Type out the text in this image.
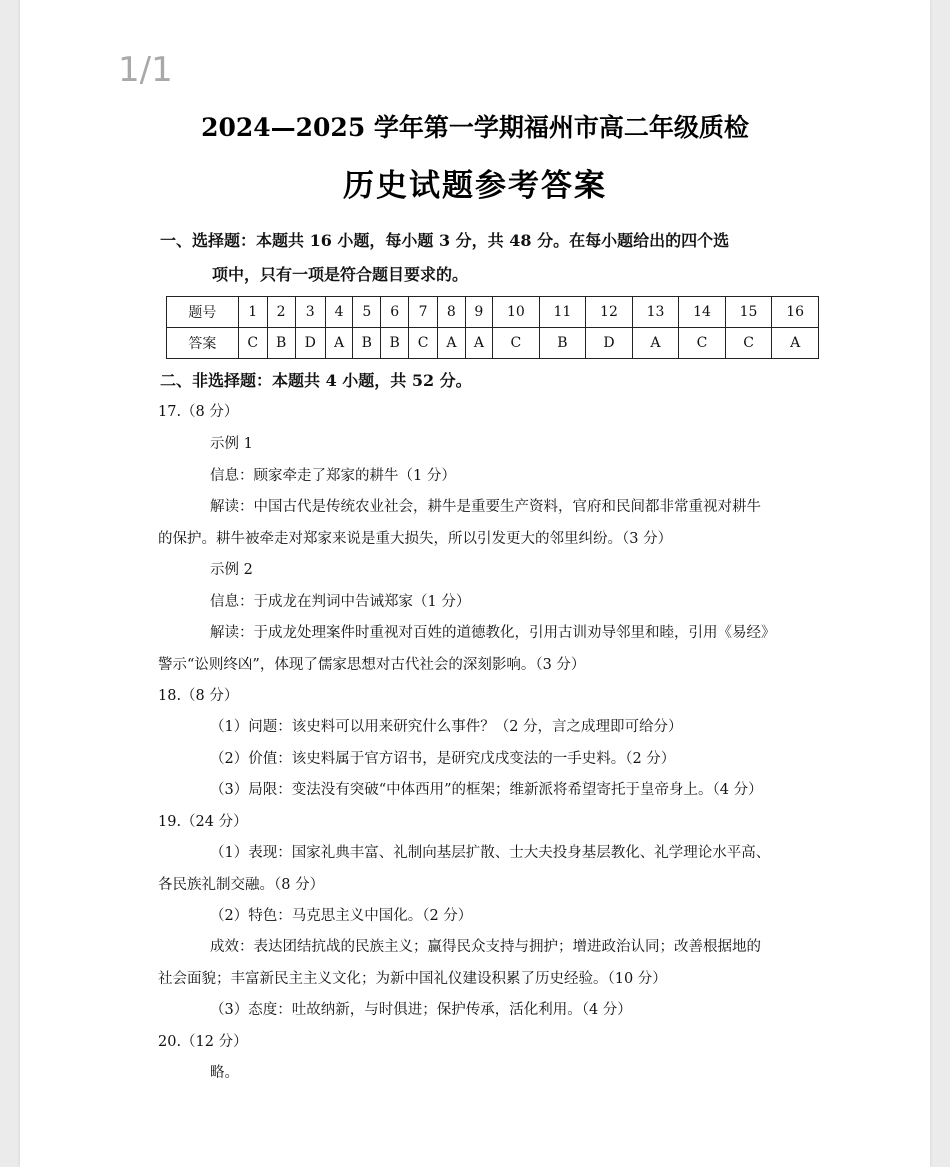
1/1
2024—2025 学年第一学期福州市高二年级质检
历史试题参考答案
一、选择题：本题共 16 小题，每小题 3 分，共 48 分。在每小题给出的四个选
项中，只有一项是符合题目要求的。
题号	1	2	3	4	5	6	7	8	9	10	11	12	13	14	15	16
答案	C	B	D	A	B	B	C	A	A	C	B	D	A	C	C	A
二、非选择题：本题共 4 小题，共 52 分。
17.（8 分）
示例 1
信息：顾家牵走了郑家的耕牛（1 分）
解读：中国古代是传统农业社会，耕牛是重要生产资料，官府和民间都非常重视对耕牛
的保护。耕牛被牵走对郑家来说是重大损失，所以引发更大的邻里纠纷。（3 分）
示例 2
信息：于成龙在判词中告诫郑家（1 分）
解读：于成龙处理案件时重视对百姓的道德教化，引用古训劝导邻里和睦，引用《易经》
警示“讼则终凶”，体现了儒家思想对古代社会的深刻影响。（3 分）
18.（8 分）
（1）问题：该史料可以用来研究什么事件？（2 分，言之成理即可给分）
（2）价值：该史料属于官方诏书，是研究戊戌变法的一手史料。（2 分）
（3）局限：变法没有突破“中体西用”的框架；维新派将希望寄托于皇帝身上。（4 分）
19.（24 分）
（1）表现：国家礼典丰富、礼制向基层扩散、士大夫投身基层教化、礼学理论水平高、
各民族礼制交融。（8 分）
（2）特色：马克思主义中国化。（2 分）
成效：表达团结抗战的民族主义；赢得民众支持与拥护；增进政治认同；改善根据地的
社会面貌；丰富新民主主义文化；为新中国礼仪建设积累了历史经验。（10 分）
（3）态度：吐故纳新，与时俱进；保护传承，活化利用。（4 分）
20.（12 分）
略。
